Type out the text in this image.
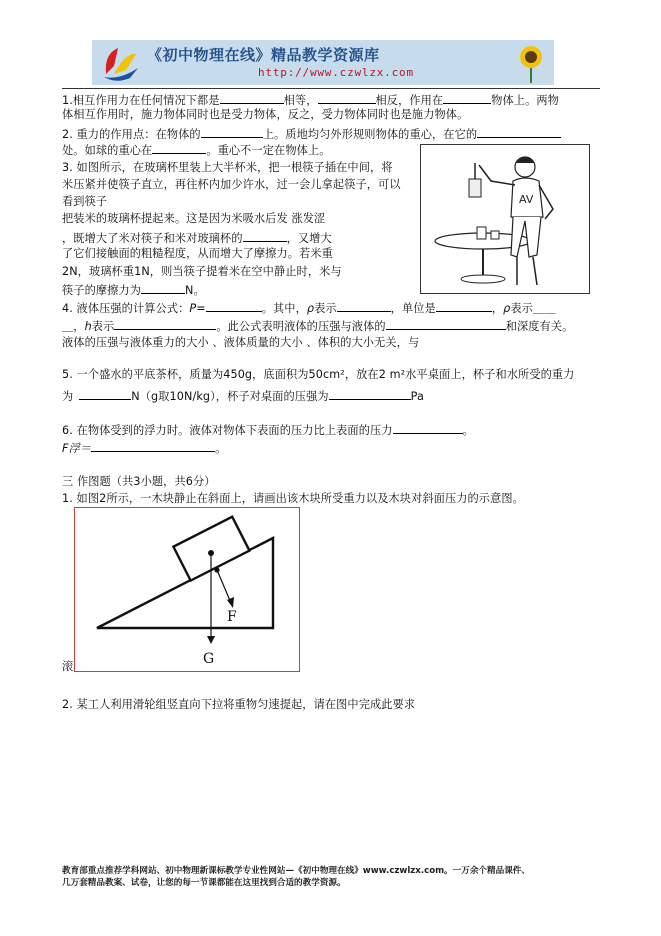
《初中物理在线》精品教学资源库
http://www.czwlzx.com
1.相互作用力在任何情况下都是	相等，	相反，作用在	物体上。两物
体相互作用时，施力物体同时也是受力物体，反之，受力物体同时也是施力物体。
2. 重力的作用点：在物体的	上。质地均匀外形规则物体的重心，在它的
处。如球的重心在	。重心不一定在物体上。
3. 如图所示，在玻璃杯里装上大半杯米，把一根筷子插在中间，将
米压紧并使筷子直立，再往杯内加少许水，过一会儿拿起筷子，可以
看到筷子
把装米的玻璃杯提起来。这是因为米吸水后发 涨发涩
，既增大了米对筷子和米对玻璃杯的	，又增大
了它们接触面的粗糙程度，从而增大了摩擦力。若米重
2N，玻璃杯重1N，则当筷子提着米在空中静止时，米与
筷子的摩擦力为	N。
AV
4. 液体压强的计算公式：P=	。其中，ρ表示	，单位是	，ρ表示＿＿
＿，h表示	。此公式表明液体的压强与液体的	和深度有关。
液体的压强与液体重力的大小 、液体质量的大小 、体积的大小无关，与
5. 一个盛水的平底茶杯，质量为450g，底面积为50cm²，放在2 m²水平桌面上，杯子和水所受的重力
为	N（g取10N/kg），杯子对桌面的压强为	Pa
6. 在物体受到的浮力时。液体对物体下表面的压力比上表面的压力	。
F浮＝	。
三 作图题（共3小题，共6分）
1. 如图2所示，一木块静止在斜面上，请画出该木块所受重力以及木块对斜面压力的示意图。
滚
F
G
2. 某工人利用滑轮组竖直向下拉将重物匀速提起，请在图中完成此要求
教育部重点推荐学科网站、初中物理新课标教学专业性网站—《初中物理在线》www.czwlzx.com。一万余个精品课件、
几万套精品教案、试卷，让您的每一节课都能在这里找到合适的教学资源。
